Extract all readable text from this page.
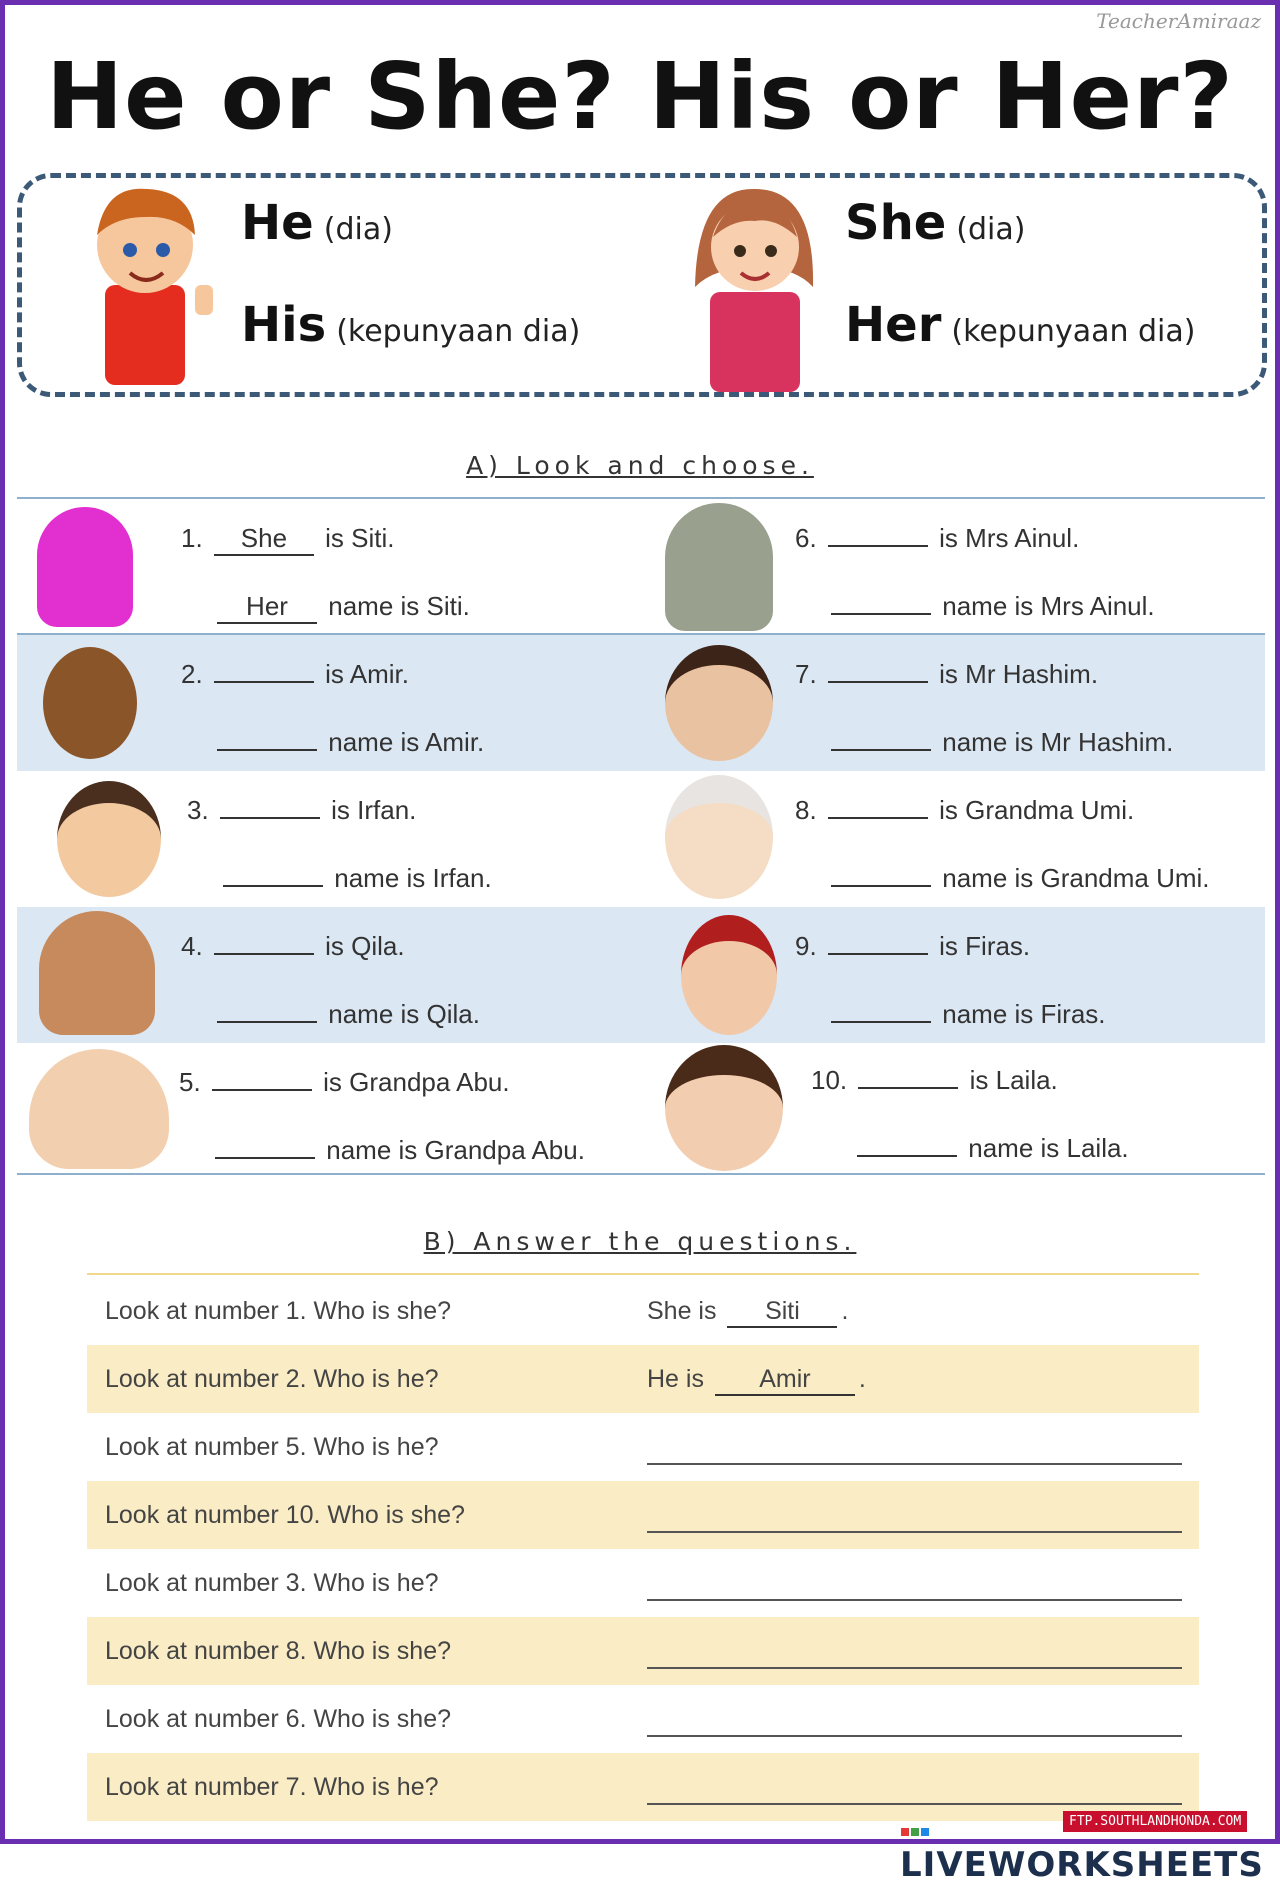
TeacherAmiraaz
He or She? His or Her?
He (dia)
His (kepunyaan dia)
She (dia)
Her (kepunyaan dia)
A) Look and choose.
1. She is Siti.
Her name is Siti.
2.	is Amir.
name is Amir.
3.	is Irfan.
name is Irfan.
4.	is Qila.
name is Qila.
5.	is Grandpa Abu.
name is Grandpa Abu.
6.	is Mrs Ainul.
name is Mrs Ainul.
7.	is Mr Hashim.
name is Mr Hashim.
8.	is Grandma Umi.
name is Grandma Umi.
9.	is Firas.
name is Firas.
10.	is Laila.
name is Laila.
B) Answer the questions.
Look at number 1. Who is she?	She is Siti .
Look at number 2. Who is he?	He is Amir .
Look at number 5. Who is he?
Look at number 10. Who is she?
Look at number 3. Who is he?
Look at number 8. Who is she?
Look at number 6. Who is she?
Look at number 7. Who is he?
LIVEWORKSHEETS
FTP.SOUTHLANDHONDA.COM
